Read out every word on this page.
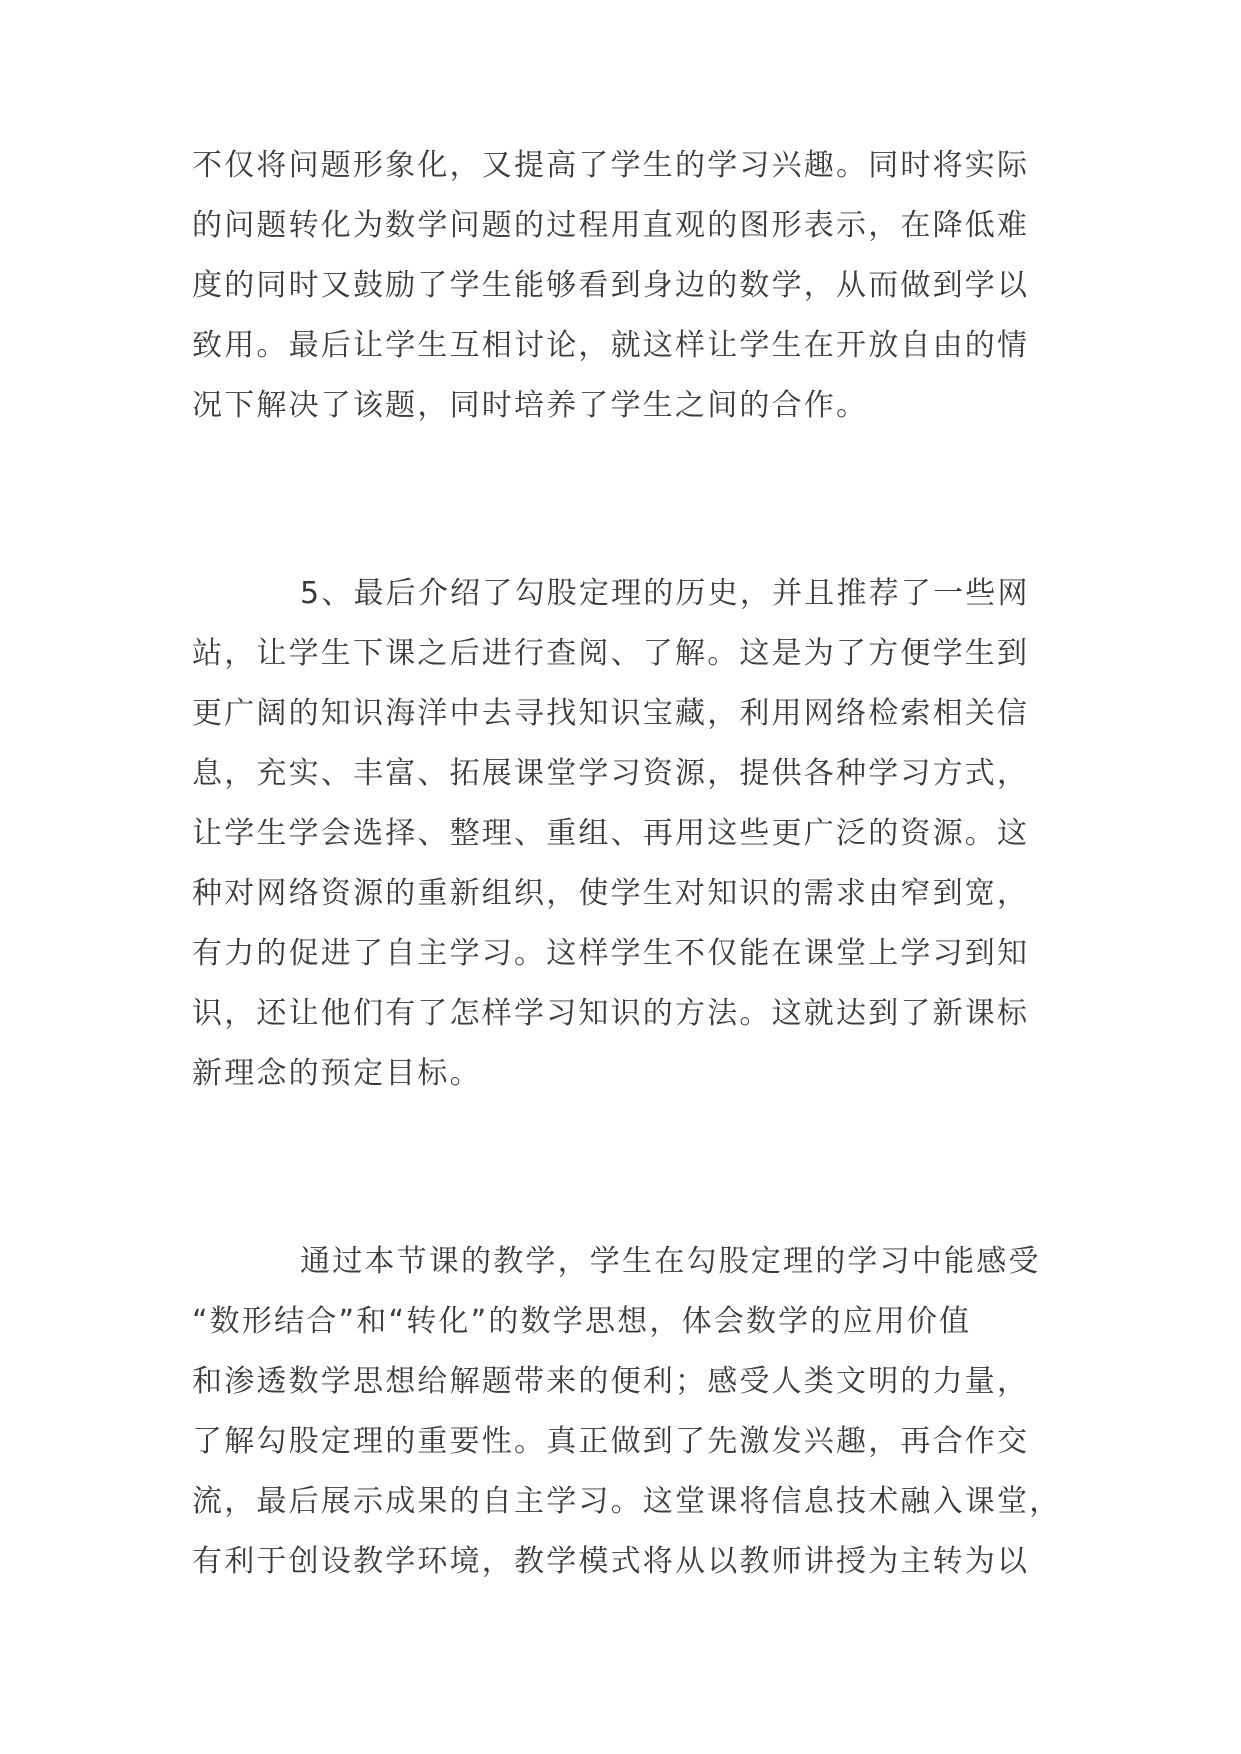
不仅将问题形象化，又提高了学生的学习兴趣。同时将实际

的问题转化为数学问题的过程用直观的图形表示，在降低难

度的同时又鼓励了学生能够看到身边的数学，从而做到学以

致用。最后让学生互相讨论，就这样让学生在开放自由的情

况下解决了该题，同时培养了学生之间的合作。

5、最后介绍了勾股定理的历史，并且推荐了一些网

站，让学生下课之后进行查阅、了解。这是为了方便学生到

更广阔的知识海洋中去寻找知识宝藏，利用网络检索相关信

息，充实、丰富、拓展课堂学习资源，提供各种学习方式，

让学生学会选择、整理、重组、再用这些更广泛的资源。这

种对网络资源的重新组织，使学生对知识的需求由窄到宽，

有力的促进了自主学习。这样学生不仅能在课堂上学习到知

识，还让他们有了怎样学习知识的方法。这就达到了新课标

新理念的预定目标。

通过本节课的教学，学生在勾股定理的学习中能感受

“数形结合”和“转化”的数学思想，体会数学的应用价值

和渗透数学思想给解题带来的便利；感受人类文明的力量，

了解勾股定理的重要性。真正做到了先激发兴趣，再合作交

流，最后展示成果的自主学习。这堂课将信息技术融入课堂，

有利于创设教学环境，教学模式将从以教师讲授为主转为以
